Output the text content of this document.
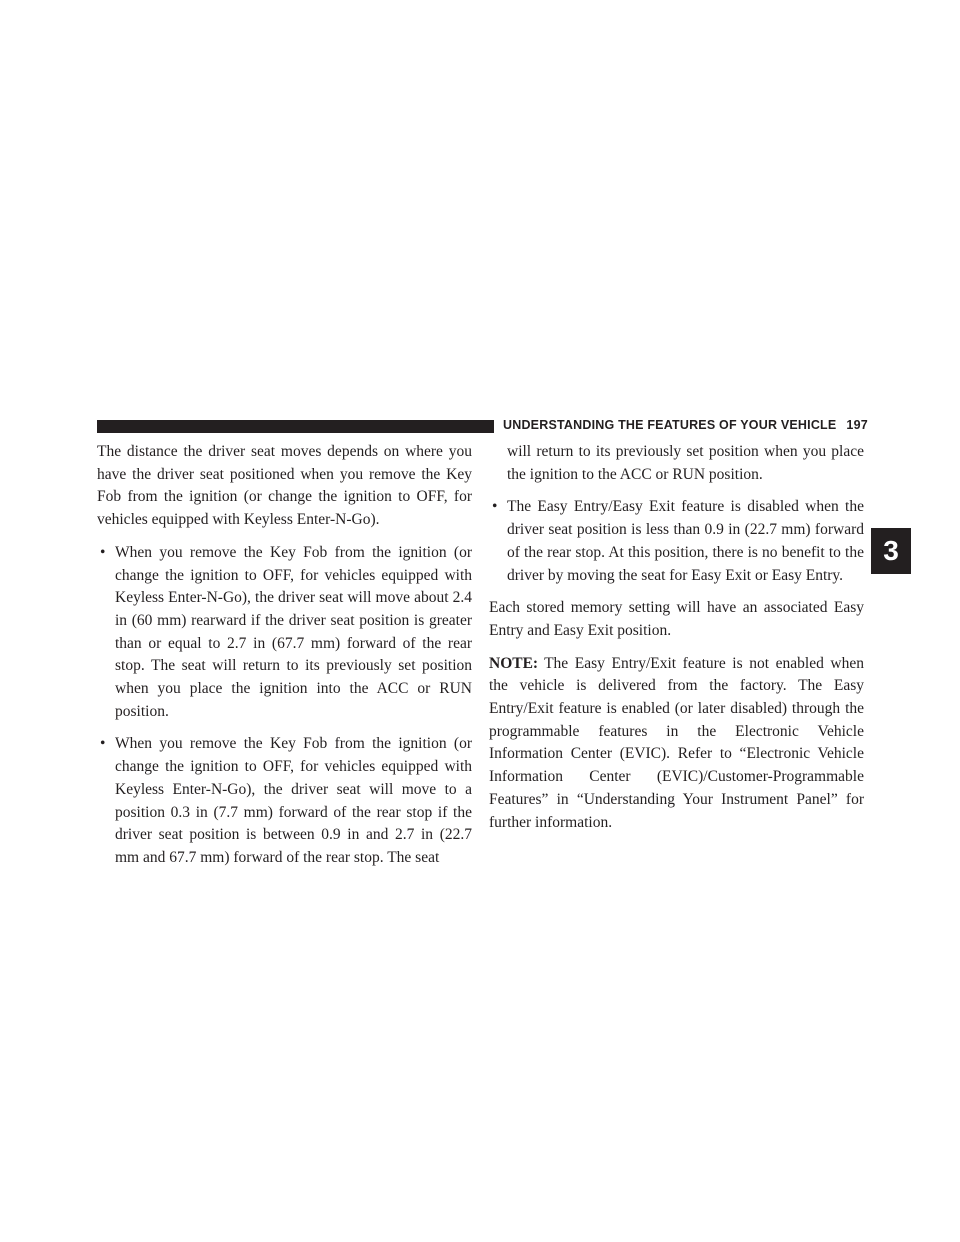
UNDERSTANDING THE FEATURES OF YOUR VEHICLE 197
3

The distance the driver seat moves depends on where you have the driver seat positioned when you remove the Key Fob from the ignition (or change the ignition to OFF, for vehicles equipped with Keyless Enter-N-Go).

• When you remove the Key Fob from the ignition (or change the ignition to OFF, for vehicles equipped with Keyless Enter-N-Go), the driver seat will move about 2.4 in (60 mm) rearward if the driver seat position is greater than or equal to 2.7 in (67.7 mm) forward of the rear stop. The seat will return to its previously set position when you place the ignition into the ACC or RUN position.
• When you remove the Key Fob from the ignition (or change the ignition to OFF, for vehicles equipped with Keyless Enter-N-Go), the driver seat will move to a position 0.3 in (7.7 mm) forward of the rear stop if the driver seat position is between 0.9 in and 2.7 in (22.7 mm and 67.7 mm) forward of the rear stop. The seat
will return to its previously set position when you place the ignition to the ACC or RUN position.
• The Easy Entry/Easy Exit feature is disabled when the driver seat position is less than 0.9 in (22.7 mm) forward of the rear stop. At this position, there is no benefit to the driver by moving the seat for Easy Exit or Easy Entry.

Each stored memory setting will have an associated Easy Entry and Easy Exit position.

NOTE: The Easy Entry/Exit feature is not enabled when the vehicle is delivered from the factory. The Easy Entry/Exit feature is enabled (or later disabled) through the programmable features in the Electronic Vehicle Information Center (EVIC). Refer to “Electronic Vehicle Information Center (EVIC)/Customer-Programmable Features” in “Understanding Your Instrument Panel” for further information.
